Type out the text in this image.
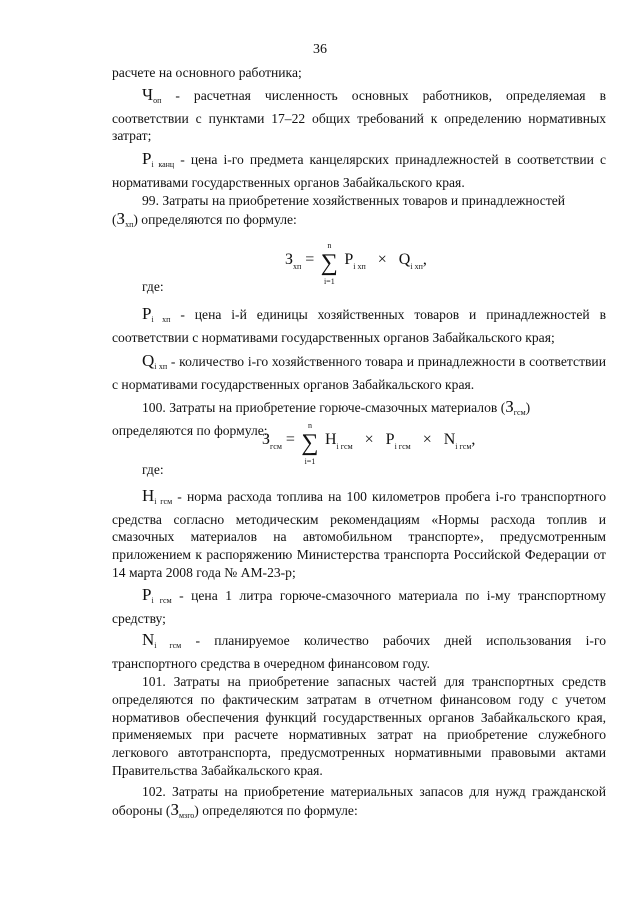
36

расчете на основного работника;

$Ч_{оп}$ - расчетная численность основных работников, определяемая в соответствии с пунктами 17–22 общих требований к определению нормативных затрат;

$P_{i канц}$ - цена i-го предмета канцелярских принадлежностей в соответствии с нормативами государственных органов Забайкальского края.

99. Затраты на приобретение хозяйственных товаров и принадлежностей

$(З_{хп})$ определяются по формуле:

$З_{хп}$ =
n
∑
i=1
$P_{i хп} \times Q_{i хп}$,

где:

$P_{i хп}$ - цена i-й единицы хозяйственных товаров и принадлежностей в соответствии с нормативами государственных органов Забайкальского края;

$Q_{i хп}$ - количество i-го хозяйственного товара и принадлежности в соответствии с нормативами государственных органов Забайкальского края.

100. Затраты на приобретение горюче-смазочных материалов $(З_{гсм})$

определяются по формуле:

$З_{гсм}$ =
n
∑
i=1
$Н_{i гсм} \times P_{i гсм} \times N_{i гсм}$,

где:

$Н_{i гсм}$ - норма расхода топлива на 100 километров пробега i-го транспортного средства согласно методическим рекомендациям «Нормы расхода топлив и смазочных материалов на автомобильном транспорте», предусмотренным приложением к распоряжению Министерства транспорта Российской Федерации от 14 марта 2008 года № АМ-23-р;

$P_{i гсм}$ - цена 1 литра горюче-смазочного материала по i-му транспортному средству;

$N_{i гсм}$ - планируемое количество рабочих дней использования i-го транспортного средства в очередном финансовом году.

101. Затраты на приобретение запасных частей для транспортных средств определяются по фактическим затратам в отчетном финансовом году с учетом нормативов обеспечения функций государственных органов Забайкальского края, применяемых при расчете нормативных затрат на приобретение служебного легкового автотранспорта, предусмотренных нормативными правовыми актами Правительства Забайкальского края.

102. Затраты на приобретение материальных запасов для нужд гражданской обороны $(З_{мзго})$ определяются по формуле:
